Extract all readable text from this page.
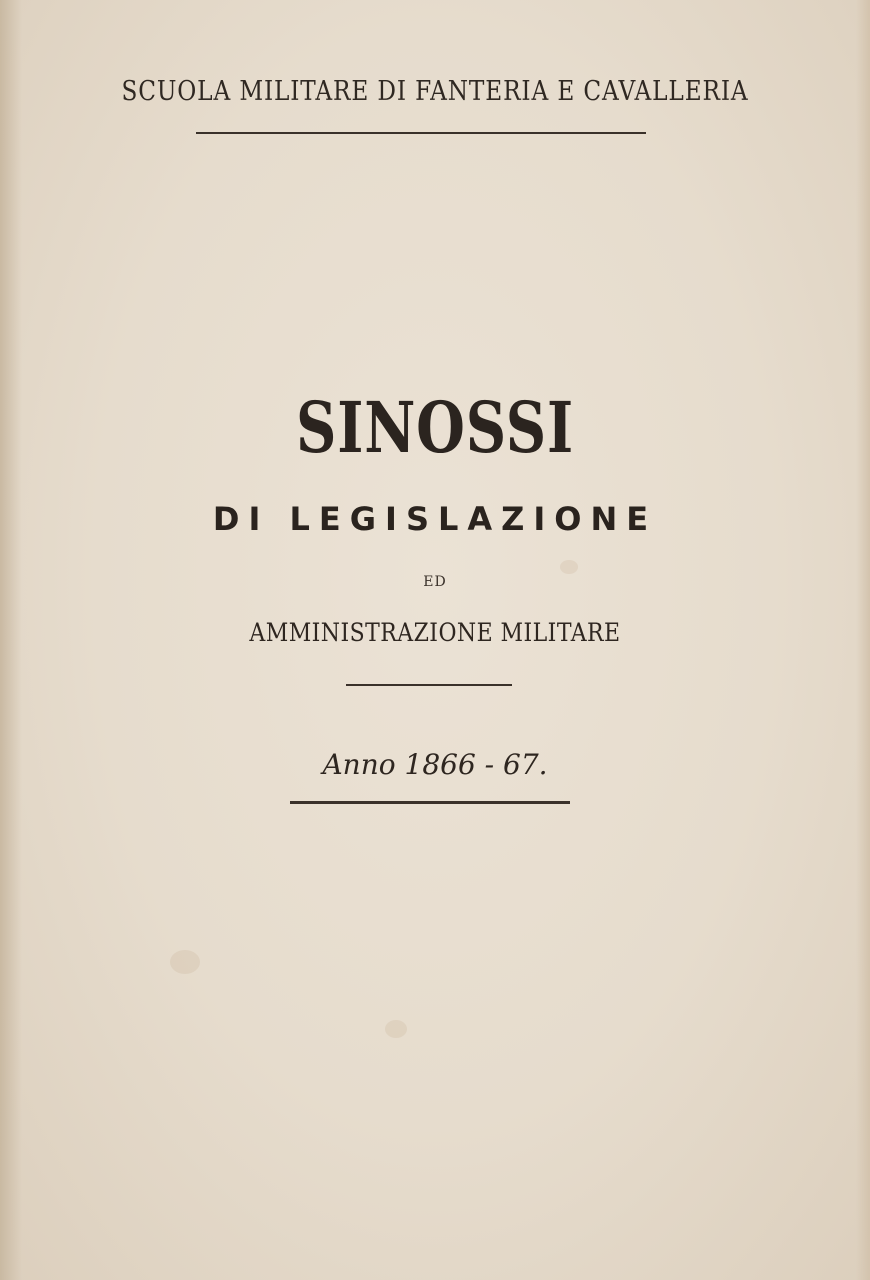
SCUOLA MILITARE DI FANTERIA E CAVALLERIA
SINOSSI
DI LEGISLAZIONE
ED
AMMINISTRAZIONE MILITARE
Anno 1866 - 67.
